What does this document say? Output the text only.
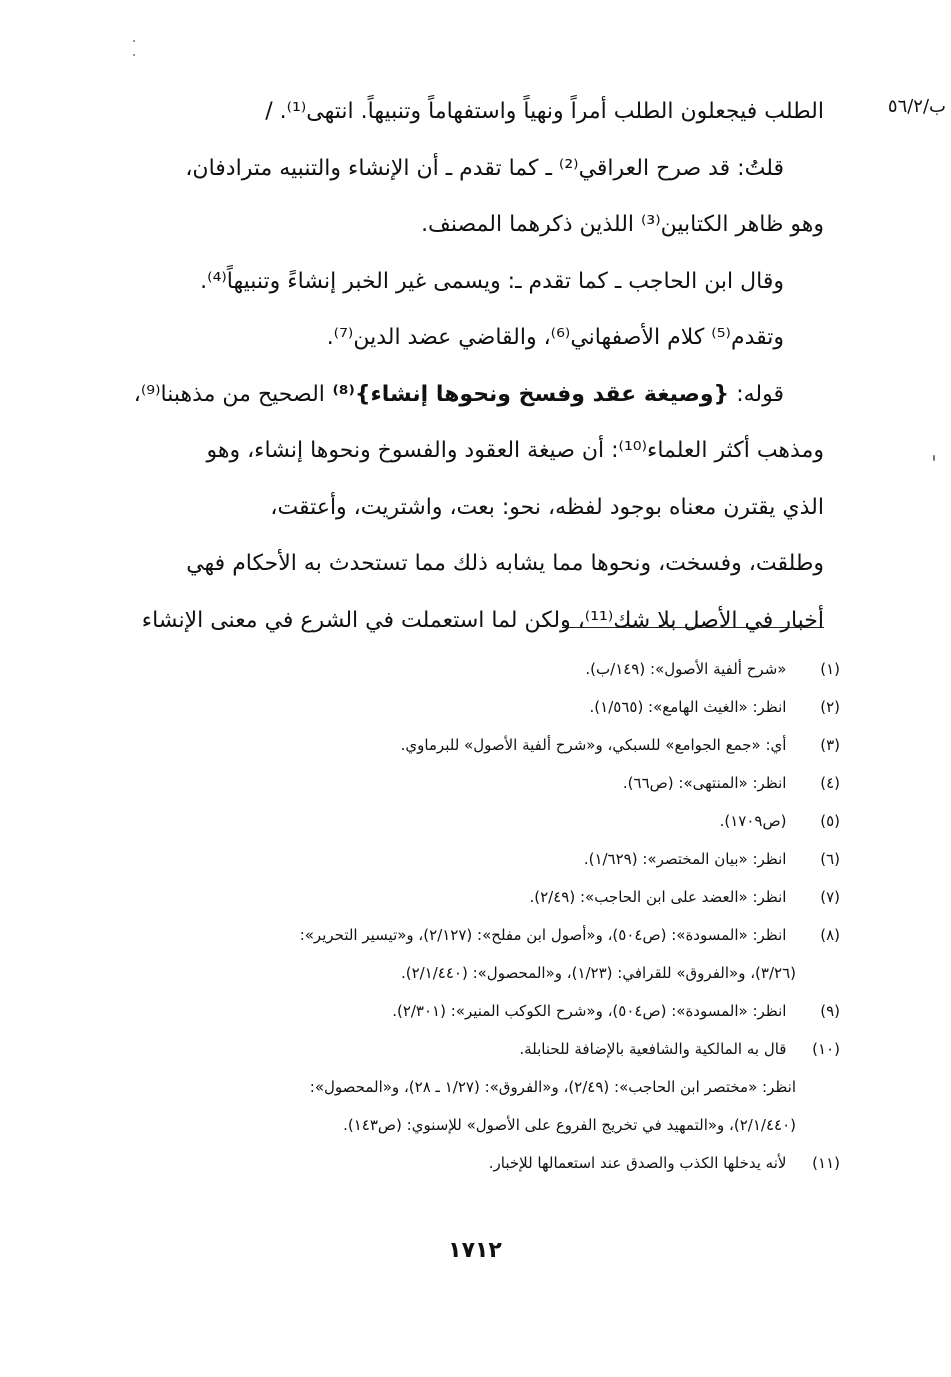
ب/٥٦/٢
الطلب فيجعلون الطلب أمراً ونهياً واستفهاماً وتنبيهاً. انتهى⁽¹⁾. /
قلتُ: قد صرح العراقي⁽²⁾ ـ كما تقدم ـ أن الإنشاء والتنبيه مترادفان،
وهو ظاهر الكتابين⁽³⁾ اللذين ذكرهما المصنف.
وقال ابن الحاجب ـ كما تقدم ـ: ويسمى غير الخبر إنشاءً وتنبيهاً⁽⁴⁾.
وتقدم⁽⁵⁾ كلام الأصفهاني⁽⁶⁾، والقاضي عضد الدين⁽⁷⁾.
قوله: {وصيغة عقد وفسخ ونحوها إنشاء}⁽⁸⁾ الصحيح من مذهبنا⁽⁹⁾،
ومذهب أكثر العلماء⁽¹⁰⁾: أن صيغة العقود والفسوخ ونحوها إنشاء، وهو
الذي يقترن معناه بوجود لفظه، نحو: بعت، واشتريت، وأعتقت،
وطلقت، وفسخت، ونحوها مما يشابه ذلك مما تستحدث به الأحكام فهي
أخبار في الأصل بلا شك⁽¹¹⁾، ولكن لما استعملت في الشرع في معنى الإنشاء
(١)  «شرح ألفية الأصول»: (١٤٩/ب).
(٢)  انظر: «الغيث الهامع»: (١/٥٦٥).
(٣)  أي: «جمع الجوامع» للسبكي، و«شرح ألفية الأصول» للبرماوي.
(٤)  انظر: «المنتهى»: (ص٦٦).
(٥)  (ص١٧٠٩).
(٦)  انظر: «بيان المختصر»: (١/٦٢٩).
(٧)  انظر: «العضد على ابن الحاجب»: (٢/٤٩).
(٨)  انظر: «المسودة»: (ص٥٠٤)، و«أصول ابن مفلح»: (٢/١٢٧)، و«تيسير التحرير»:
(٣/٢٦)، و«الفروق» للقرافي: (١/٢٣)، و«المحصول»: (٢/١/٤٤٠).
(٩)  انظر: «المسودة»: (ص٥٠٤)، و«شرح الكوكب المنير»: (٢/٣٠١).
(١٠)  قال به المالكية والشافعية بالإضافة للحنابلة.
انظر: «مختصر ابن الحاجب»: (٢/٤٩)، و«الفروق»: (١/٢٧ ـ ٢٨)، و«المحصول»:
(٢/١/٤٤٠)، و«التمهيد في تخريج الفروع على الأصول» للإسنوي: (ص١٤٣).
(١١)  لأنه يدخلها الكذب والصدق عند استعمالها للإخبار.
١٧١٢
